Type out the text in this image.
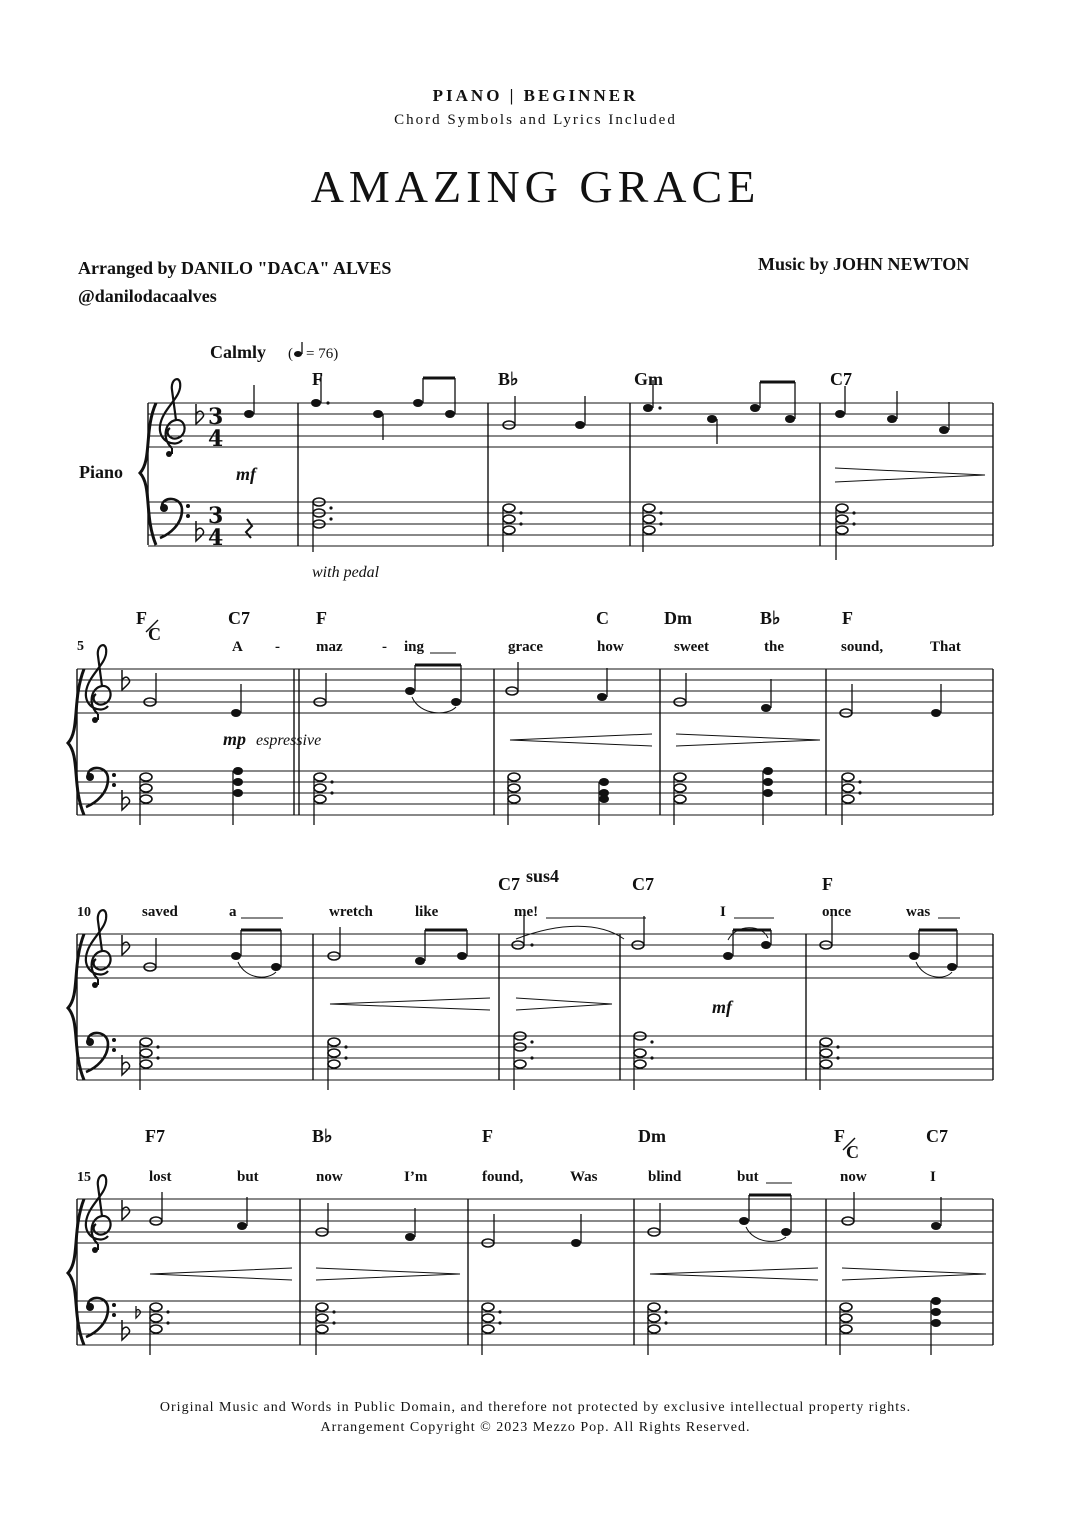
PIANO | BEGINNER
Chord Symbols and Lyrics Included
AMAZING GRACE
Arranged by DANILO "DACA" ALVES
@danilodacaalves
Music by JOHN NEWTON
Calmly ( = 76)
Piano
F	B♭	Gm	C7
3
4
3
4
mf
with pedal
5
F
C
C7	F	C	Dm	B♭	F
A - maz	- ing	grace	how	sweet	the	sound,	That
mp espressive
10
C7 sus4	C7	F
saved	a	wretch	like	me!	I	once	was
mf
15
F7	B♭	F	Dm	F
C
C7
lost	but	now	I’m	found,	Was	blind	but	now	I
Original Music and Words in Public Domain, and therefore not protected by exclusive intellectual property rights.
Arrangement Copyright © 2023 Mezzo Pop. All Rights Reserved.
